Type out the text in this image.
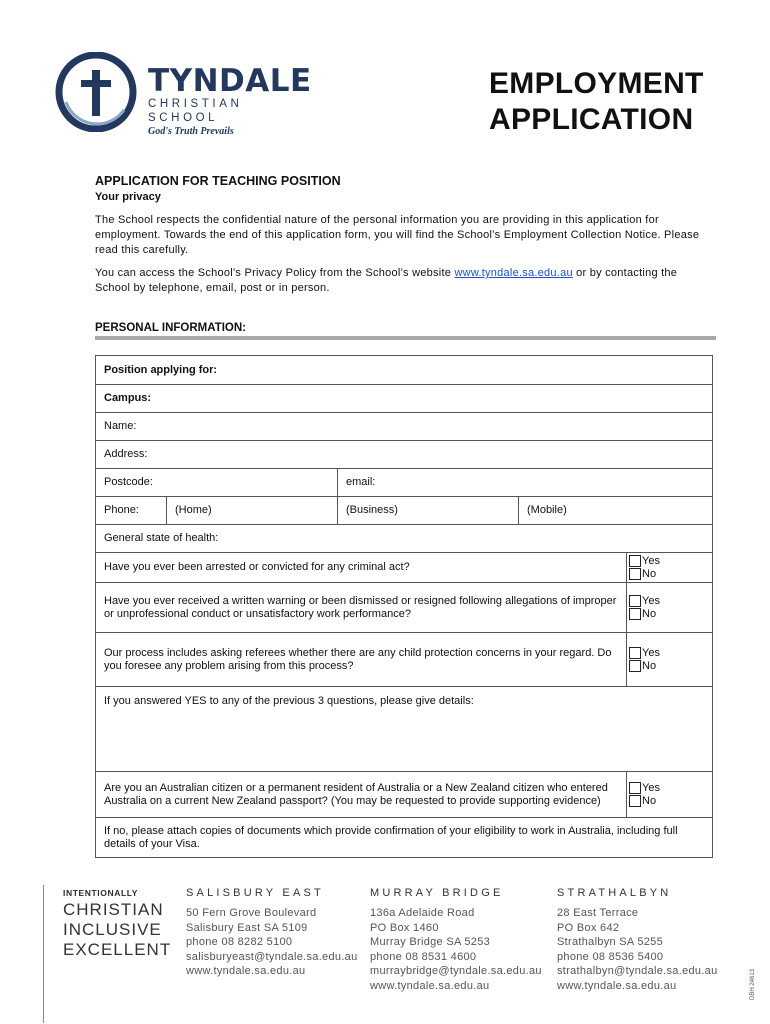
TYNDALE
CHRISTIAN SCHOOL
God's Truth Prevails
EMPLOYMENT
APPLICATION
APPLICATION FOR TEACHING POSITION
Your privacy

The School respects the confidential nature of the personal information you are providing in this application for employment. Towards the end of this application form, you will find the School’s Employment Collection Notice. Please read this carefully.

You can access the School’s Privacy Policy from the School’s website www.tyndale.sa.edu.au or by contacting the School by telephone, email, post or in person.

PERSONAL INFORMATION:
Position applying for:
Campus:
Name:
Address:
Postcode:	email:
Phone:	(Home)	(Business)	(Mobile)
General state of health:
Have you ever been arrested or convicted for any criminal act?
Yes
No
Have you ever received a written warning or been dismissed or resigned following allegations of improper or unprofessional conduct or unsatisfactory work performance?
Yes
No
Our process includes asking referees whether there are any child protection concerns in your regard. Do you foresee any problem arising from this process?
Yes
No
If you answered YES to any of the previous 3 questions, please give details:
Are you an Australian citizen or a permanent resident of Australia or a New Zealand citizen who entered Australia on a current New Zealand passport? (You may be requested to provide supporting evidence)
Yes
No
If no, please attach copies of documents which provide confirmation of your eligibility to work in Australia, including full details of your Visa.
INTENTIONALLY
CHRISTIAN
INCLUSIVE
EXCELLENT
SALISBURY EAST
50 Fern Grove Boulevard
Salisbury East SA 5109
phone 08 8282 5100
salisburyeast@tyndale.sa.edu.au
www.tyndale.sa.edu.au
MURRAY BRIDGE
136a Adelaide Road
PO Box 1460
Murray Bridge SA 5253
phone 08 8531 4600
murraybridge@tyndale.sa.edu.au
www.tyndale.sa.edu.au
STRATHALBYN
28 East Terrace
PO Box 642
Strathalbyn SA 5255
phone 08 8536 5400
strathalbyn@tyndale.sa.edu.au
www.tyndale.sa.edu.au	DBH 24613
